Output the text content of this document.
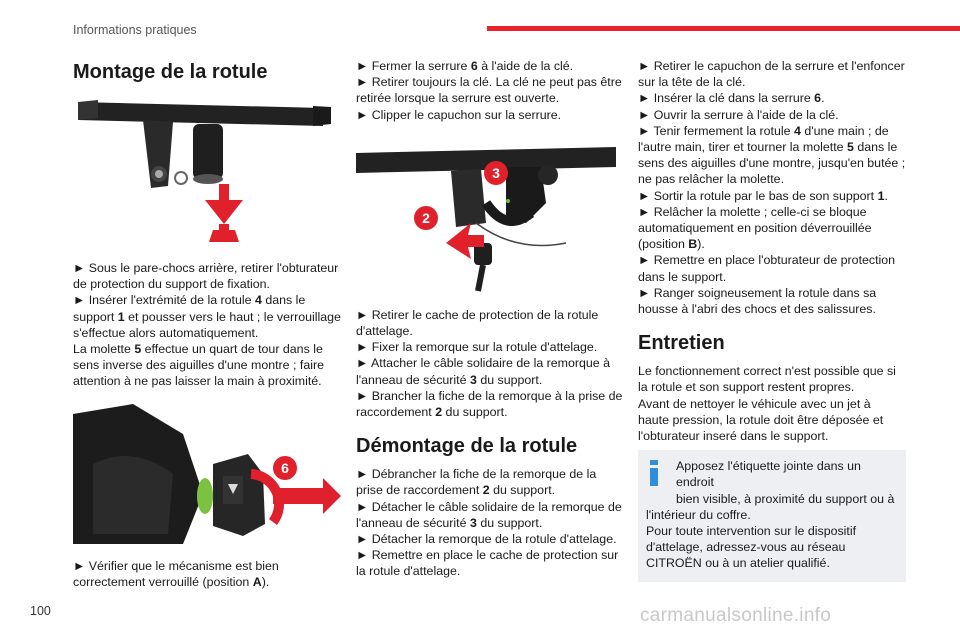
Informations pratiques
Montage de la rotule

► Sous le pare-chocs arrière, retirer l'obturateur

de protection du support de fixation.

► Insérer l'extrémité de la rotule 4 dans le

support 1 et pousser vers le haut ; le verrouillage

s'effectue alors automatiquement.

La molette 5 effectue un quart de tour dans le

sens inverse des aiguilles d'une montre ; faire

attention à ne pas laisser la main à proximité.

6

► Vérifier que le mécanisme est bien

correctement verrouillé (position A).

► Fermer la serrure 6 à l'aide de la clé.

► Retirer toujours la clé. La clé ne peut pas être

retirée lorsque la serrure est ouverte.

► Clipper le capuchon sur la serrure.

3
2

► Retirer le cache de protection de la rotule

d'attelage.

► Fixer la remorque sur la rotule d'attelage.

► Attacher le câble solidaire de la remorque à

l'anneau de sécurité 3 du support.

► Brancher la fiche de la remorque à la prise de

raccordement 2 du support.

Démontage de la rotule

► Débrancher la fiche de la remorque de la

prise de raccordement 2 du support.

► Détacher le câble solidaire de la remorque de

l'anneau de sécurité 3 du support.

► Détacher la remorque de la rotule d'attelage.

► Remettre en place le cache de protection sur

la rotule d'attelage.

► Retirer le capuchon de la serrure et l'enfoncer

sur la tête de la clé.

► Insérer la clé dans la serrure 6.

► Ouvrir la serrure à l'aide de la clé.

► Tenir fermement la rotule 4 d'une main ; de

l'autre main, tirer et tourner la molette 5 dans le

sens des aiguilles d'une montre, jusqu'en butée ;

ne pas relâcher la molette.

► Sortir la rotule par le bas de son support 1.

► Relâcher la molette ; celle-ci se bloque

automatiquement en position déverrouillée

(position B).

► Remettre en place l'obturateur de protection

dans le support.

► Ranger soigneusement la rotule dans sa

housse à l'abri des chocs et des salissures.

Entretien

Le fonctionnement correct n'est possible que si

la rotule et son support restent propres.

Avant de nettoyer le véhicule avec un jet à

haute pression, la rotule doit être déposée et

l'obturateur inseré dans le support.

Apposez l'étiquette jointe dans un endroit

bien visible, à proximité du support ou à

l'intérieur du coffre.

Pour toute intervention sur le dispositif

d'attelage, adressez-vous au réseau

CITROËN ou à un atelier qualifié.

100	carmanualsonline.info
